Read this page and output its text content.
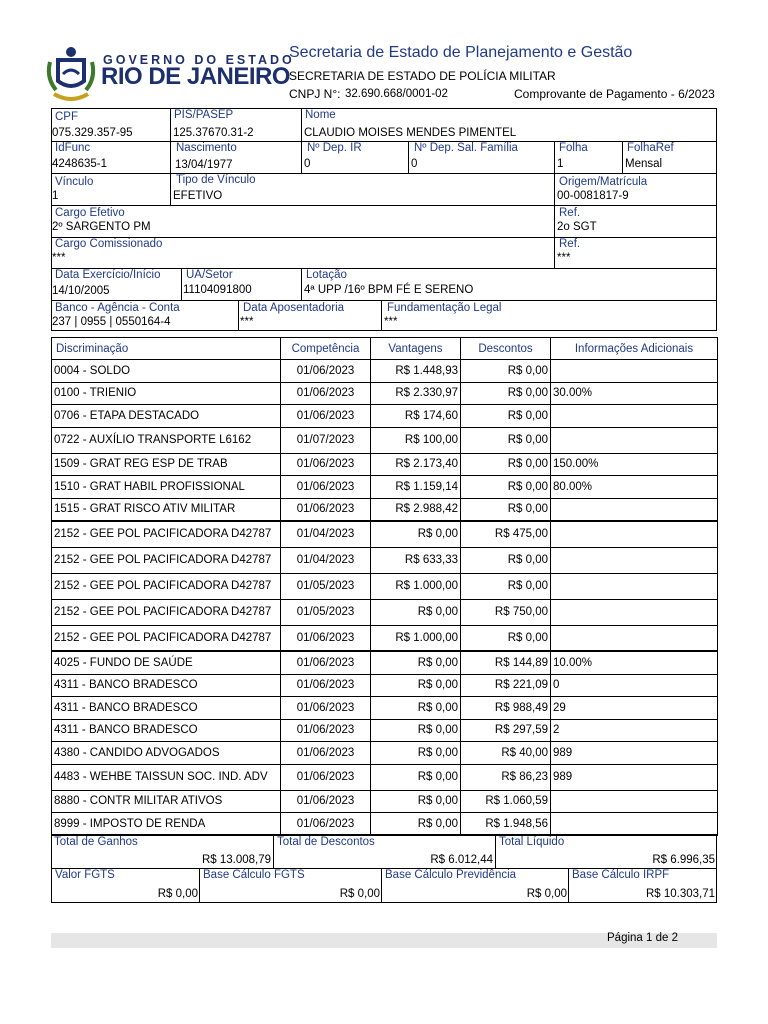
GOVERNO DO ESTADO
RIO DE JANEIRO
Secretaria de Estado de Planejamento e Gestão
SECRETARIA DE ESTADO DE POLÍCIA MILITAR
CNPJ N°: 32.690.668/0001-02	Comprovante de Pagamento - 6/2023
CPF
075.329.357-95
PIS/PASEP
125.37670.31-2
Nome
CLAUDIO MOISES MENDES PIMENTEL
IdFunc
4248635-1
Nascimento
13/04/1977
Nº Dep. IR
0
Nº Dep. Sal. Família
0
Folha
1
FolhaRef
Mensal
Vínculo
1
Tipo de Vínculo
EFETIVO
Origem/Matrícula
00-0081817-9
Cargo Efetivo
2º SARGENTO PM
Ref.
2o SGT
Cargo Comissionado
***
Ref.
***
Data Exercício/Início
14/10/2005
UA/Setor
11104091800
Lotação
4ª UPP /16º BPM FÉ E SERENO
Banco - Agência - Conta
237 | 0955 | 0550164-4
Data Aposentadoria
***
Fundamentação Legal
***
Discriminação	Competência	Vantagens	Descontos	Informações Adicionais
0004 - SOLDO	01/06/2023	R$ 1.448,93	R$ 0,00	
0100 - TRIENIO	01/06/2023	R$ 2.330,97	R$ 0,00	30.00%
0706 - ETAPA DESTACADO	01/06/2023	R$ 174,60	R$ 0,00	
0722 - AUXÍLIO TRANSPORTE L6162	01/07/2023	R$ 100,00	R$ 0,00	
1509 - GRAT REG ESP DE TRAB	01/06/2023	R$ 2.173,40	R$ 0,00	150.00%
1510 - GRAT HABIL PROFISSIONAL	01/06/2023	R$ 1.159,14	R$ 0,00	80.00%
1515 - GRAT RISCO ATIV MILITAR	01/06/2023	R$ 2.988,42	R$ 0,00	
2152 - GEE POL PACIFICADORA D42787	01/04/2023	R$ 0,00	R$ 475,00	
2152 - GEE POL PACIFICADORA D42787	01/04/2023	R$ 633,33	R$ 0,00	
2152 - GEE POL PACIFICADORA D42787	01/05/2023	R$ 1.000,00	R$ 0,00	
2152 - GEE POL PACIFICADORA D42787	01/05/2023	R$ 0,00	R$ 750,00	
2152 - GEE POL PACIFICADORA D42787	01/06/2023	R$ 1.000,00	R$ 0,00	
4025 - FUNDO DE SAÚDE	01/06/2023	R$ 0,00	R$ 144,89	10.00%
4311 - BANCO BRADESCO	01/06/2023	R$ 0,00	R$ 221,09	0
4311 - BANCO BRADESCO	01/06/2023	R$ 0,00	R$ 988,49	29
4311 - BANCO BRADESCO	01/06/2023	R$ 0,00	R$ 297,59	2
4380 - CANDIDO ADVOGADOS	01/06/2023	R$ 0,00	R$ 40,00	989
4483 - WEHBE TAISSUN SOC. IND. ADV	01/06/2023	R$ 0,00	R$ 86,23	989
8880 - CONTR MILITAR ATIVOS	01/06/2023	R$ 0,00	R$ 1.060,59	
8999 - IMPOSTO DE RENDA	01/06/2023	R$ 0,00	R$ 1.948,56	
Total de Ganhos
R$ 13.008,79
Total de Descontos
R$ 6.012,44
Total Líquido
R$ 6.996,35
Valor FGTS
R$ 0,00
Base Cálculo FGTS
R$ 0,00
Base Cálculo Previdência
R$ 0,00
Base Cálculo IRPF
R$ 10.303,71
Página 1 de 2
